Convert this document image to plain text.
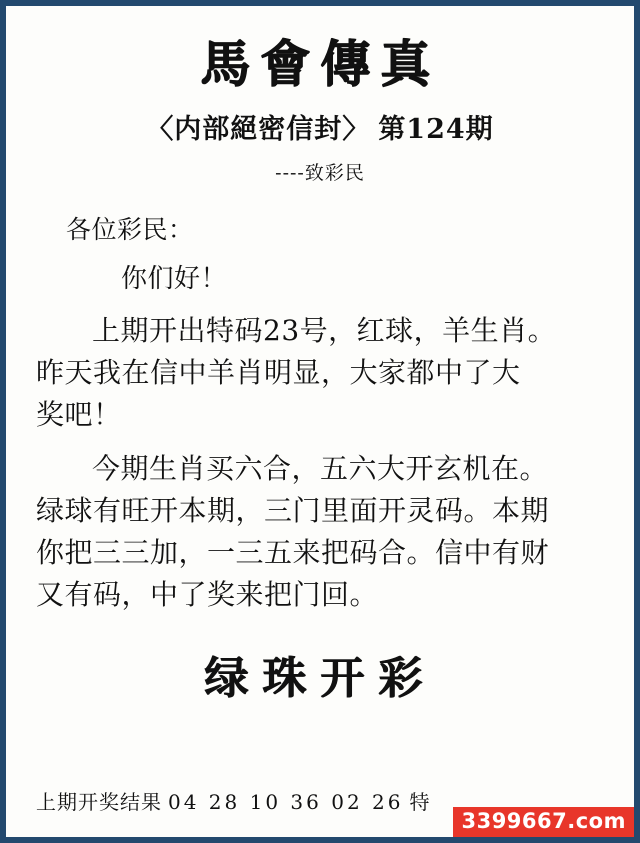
馬會傳真
〈内部絕密信封〉 第124期
----致彩民
各位彩民：
你们好！
上期开出特码23号，红球，羊生肖。
昨天我在信中羊肖明显，大家都中了大
奖吧！
今期生肖买六合，五六大开玄机在。
绿球有旺开本期，三门里面开灵码。本期
你把三三加，一三五来把码合。信中有财
又有码，中了奖来把门回。
绿珠开彩
上期开奖结果 04 28 10 36 02 26 特
3399667.com
